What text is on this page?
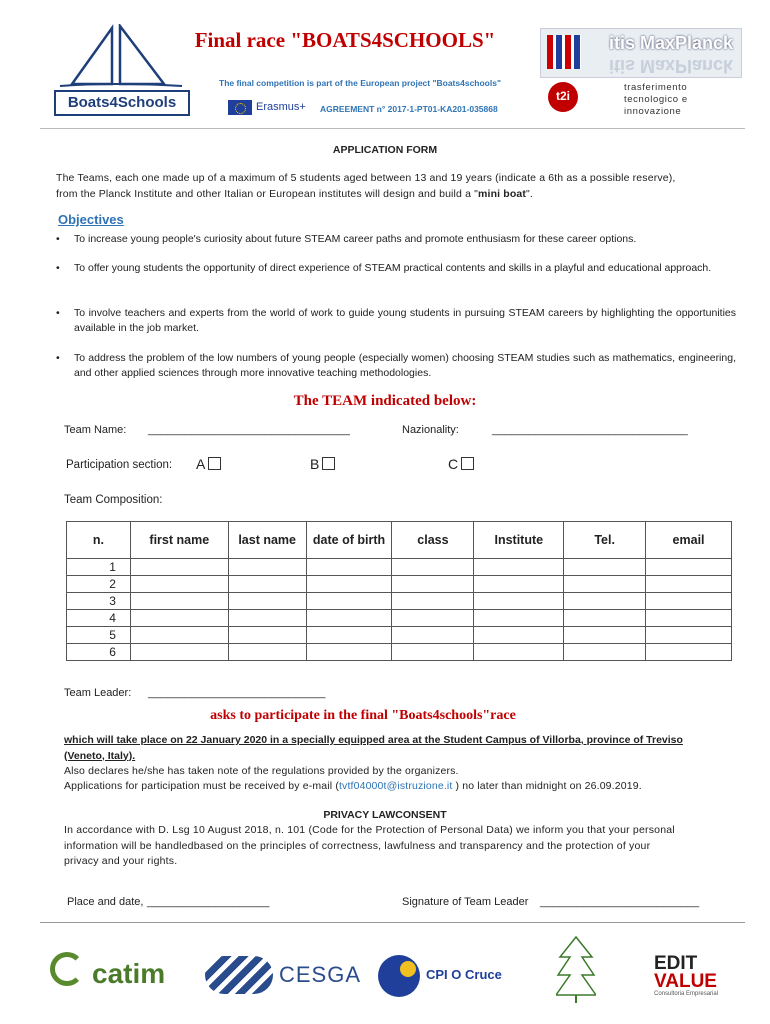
Boats4Schools
Final race "BOATS4SCHOOLS"
The final competition is part of the European project "Boats4schools"
Erasmus+ AGREEMENT n° 2017-1-PT01-KA201-035868
itis MaxPlanck
itis MaxPlanck
t2i
trasferimento
tecnologico e
innovazione
APPLICATION FORM
The Teams, each one made up of a maximum of 5 students aged between 13 and 19 years (indicate a 6th as a possible reserve),
from the Planck Institute and other Italian or European institutes will design and build a "mini boat".
Objectives
• To increase young people's curiosity about future STEAM career paths and promote enthusiasm for these career options.
• To offer young students the opportunity of direct experience of STEAM practical contents and skills in a playful and educational approach.
• To involve teachers and experts from the world of work to guide young students in pursuing STEAM careers by highlighting the opportunities available in the job market.
• To address the problem of the low numbers of young people (especially women) choosing STEAM studies such as mathematics, engineering, and other applied sciences through more innovative teaching methodologies.
The TEAM indicated below:
Team Name: _________________________________	Nazionality:	________________________________
Participation section: A	B	C
Team Composition:
n.	first name	last name	date of birth	class	Institute	Tel.	email
1							
2							
3							
4							
5							
6							
Team Leader: _____________________________
asks to participate in the final "Boats4schools"race
which will take place on 22 January 2020 in a specially equipped area at the Student Campus of Villorba, province of Treviso
(Veneto, Italy).
Also declares he/she has taken note of the regulations provided by the organizers.
Applications for participation must be received by e-mail (tvtf04000t@istruzione.it ) no later than midnight on 26.09.2019.
PRIVACY LAWCONSENT
In accordance with D. Lsg 10 August 2018, n. 101 (Code for the Protection of Personal Data) we inform you that your personal
information will be handledbased on the principles of correctness, lawfulness and transparency and the protection of your
privacy and your rights.
Place and date, ____________________	Signature of Team Leader __________________________
catim	CESGA	CPI O Cruce
EDIT
VALUE
Consultoria Empresarial
